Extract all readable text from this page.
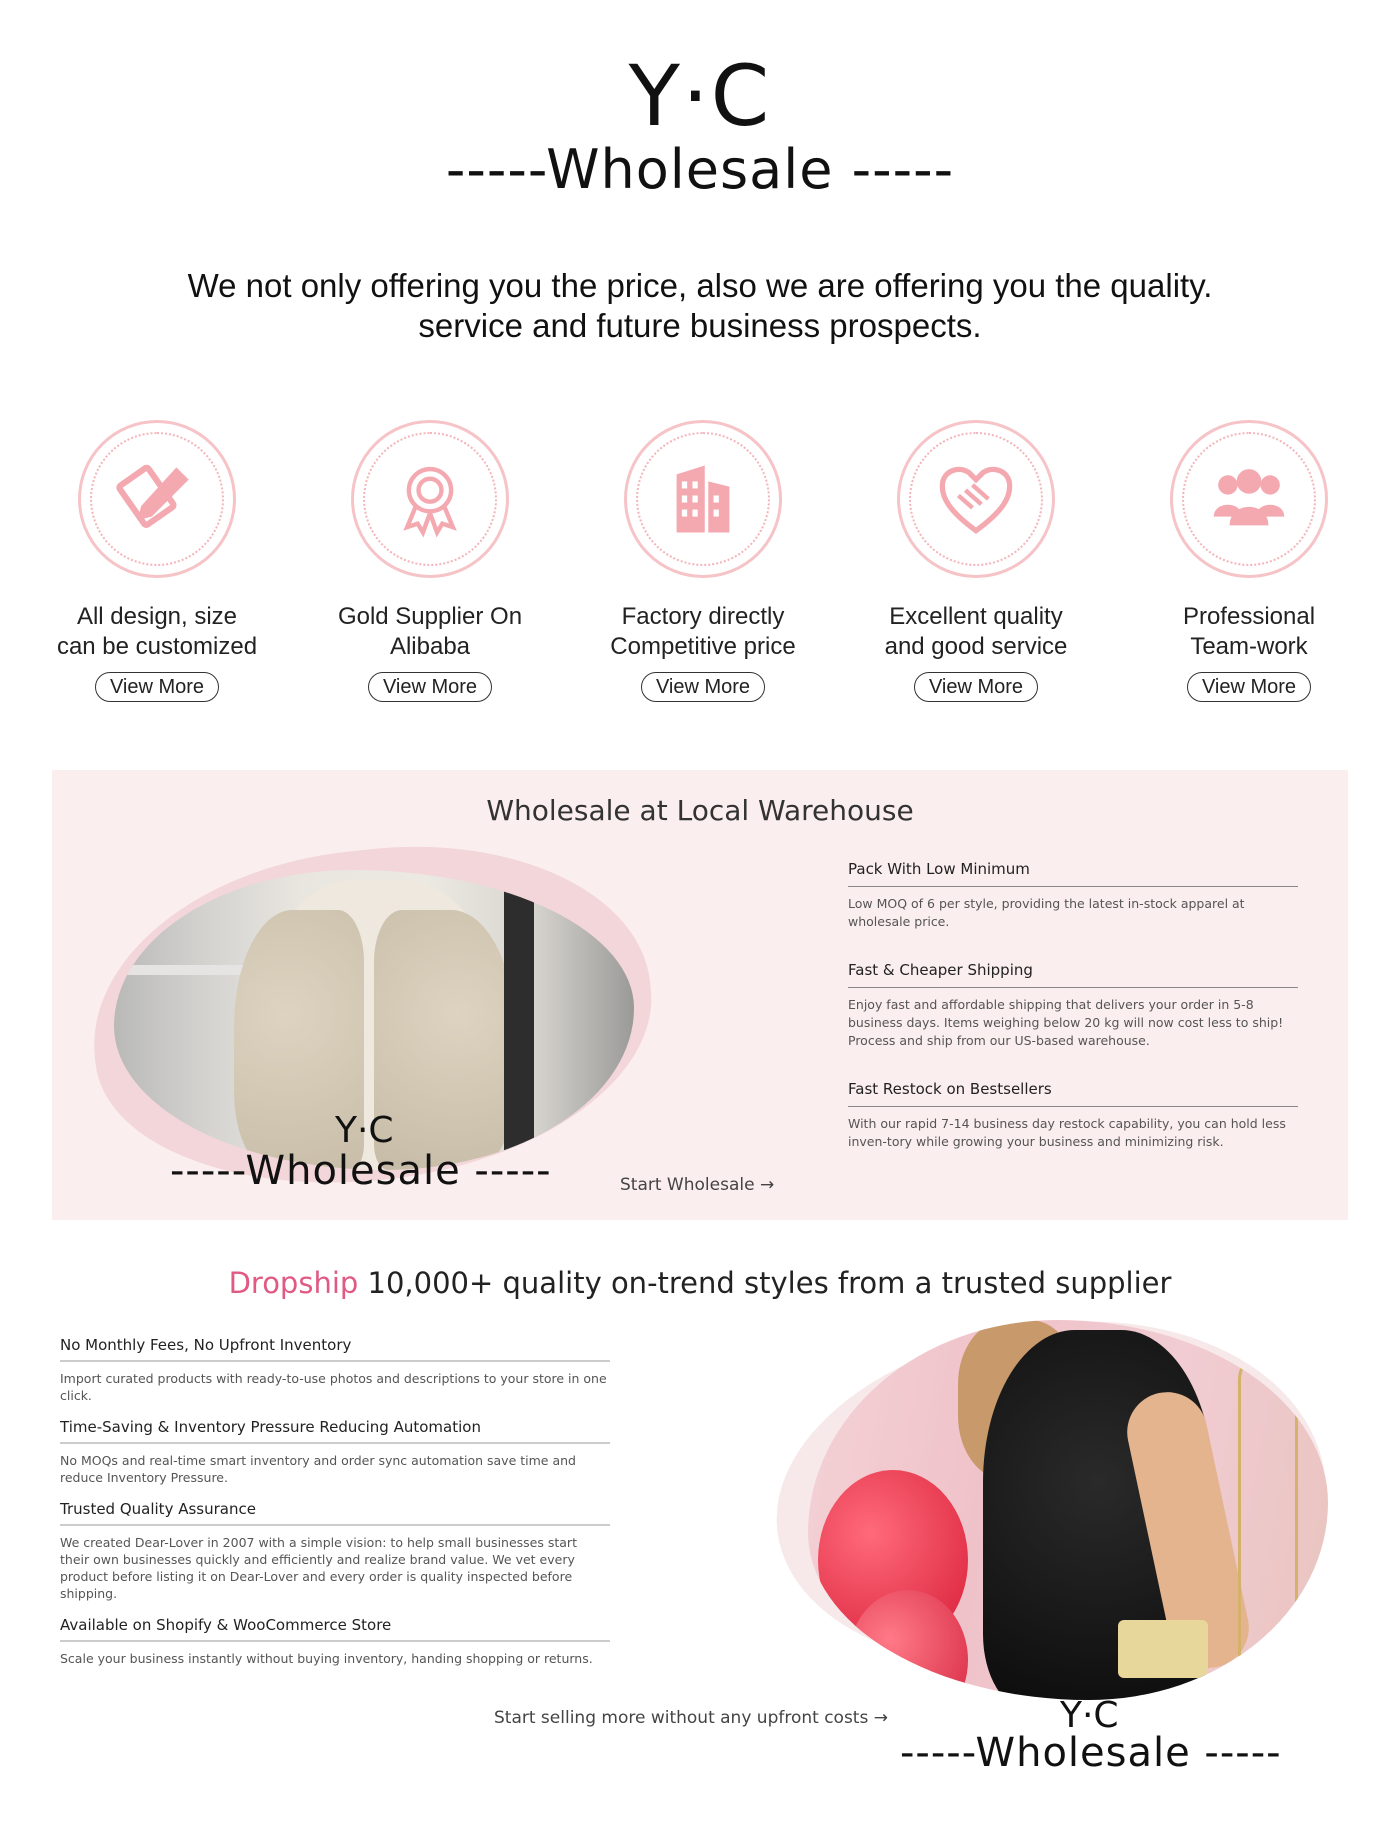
Y·C
-----Wholesale -----
We not only offering you the price, also we are offering you the quality.
service and future business prospects.
All design, size
can be customized
View More
Gold Supplier On
Alibaba
View More
Factory directly
Competitive price
View More
Excellent quality
and good service
View More
Professional
Team-work
View More
Wholesale at Local Warehouse
Y·C
-----Wholesale -----	Start Wholesale →
Pack With Low Minimum

Low MOQ of 6 per style, providing the latest in-stock apparel at wholesale price.

Fast & Cheaper Shipping

Enjoy fast and affordable shipping that delivers your order in 5-8 business days. Items weighing below 20 kg will now cost less to ship! Process and ship from our US-based warehouse.

Fast Restock on Bestsellers

With our rapid 7-14 business day restock capability, you can hold less inven-tory while growing your business and minimizing risk.

Dropship 10,000+ quality on-trend styles from a trusted supplier
No Monthly Fees, No Upfront Inventory

Import curated products with ready-to-use photos and descriptions to your store in one click.

Time-Saving & Inventory Pressure Reducing Automation

No MOQs and real-time smart inventory and order sync automation save time and reduce Inventory Pressure.

Trusted Quality Assurance

We created Dear-Lover in 2007 with a simple vision: to help small businesses start their own businesses quickly and efficiently and realize brand value. We vet every product before listing it on Dear-Lover and every order is quality inspected before shipping.

Available on Shopify & WooCommerce Store

Scale your business instantly without buying inventory, handing shopping or returns.

Start selling more without any upfront costs →	Y·C
-----Wholesale -----
